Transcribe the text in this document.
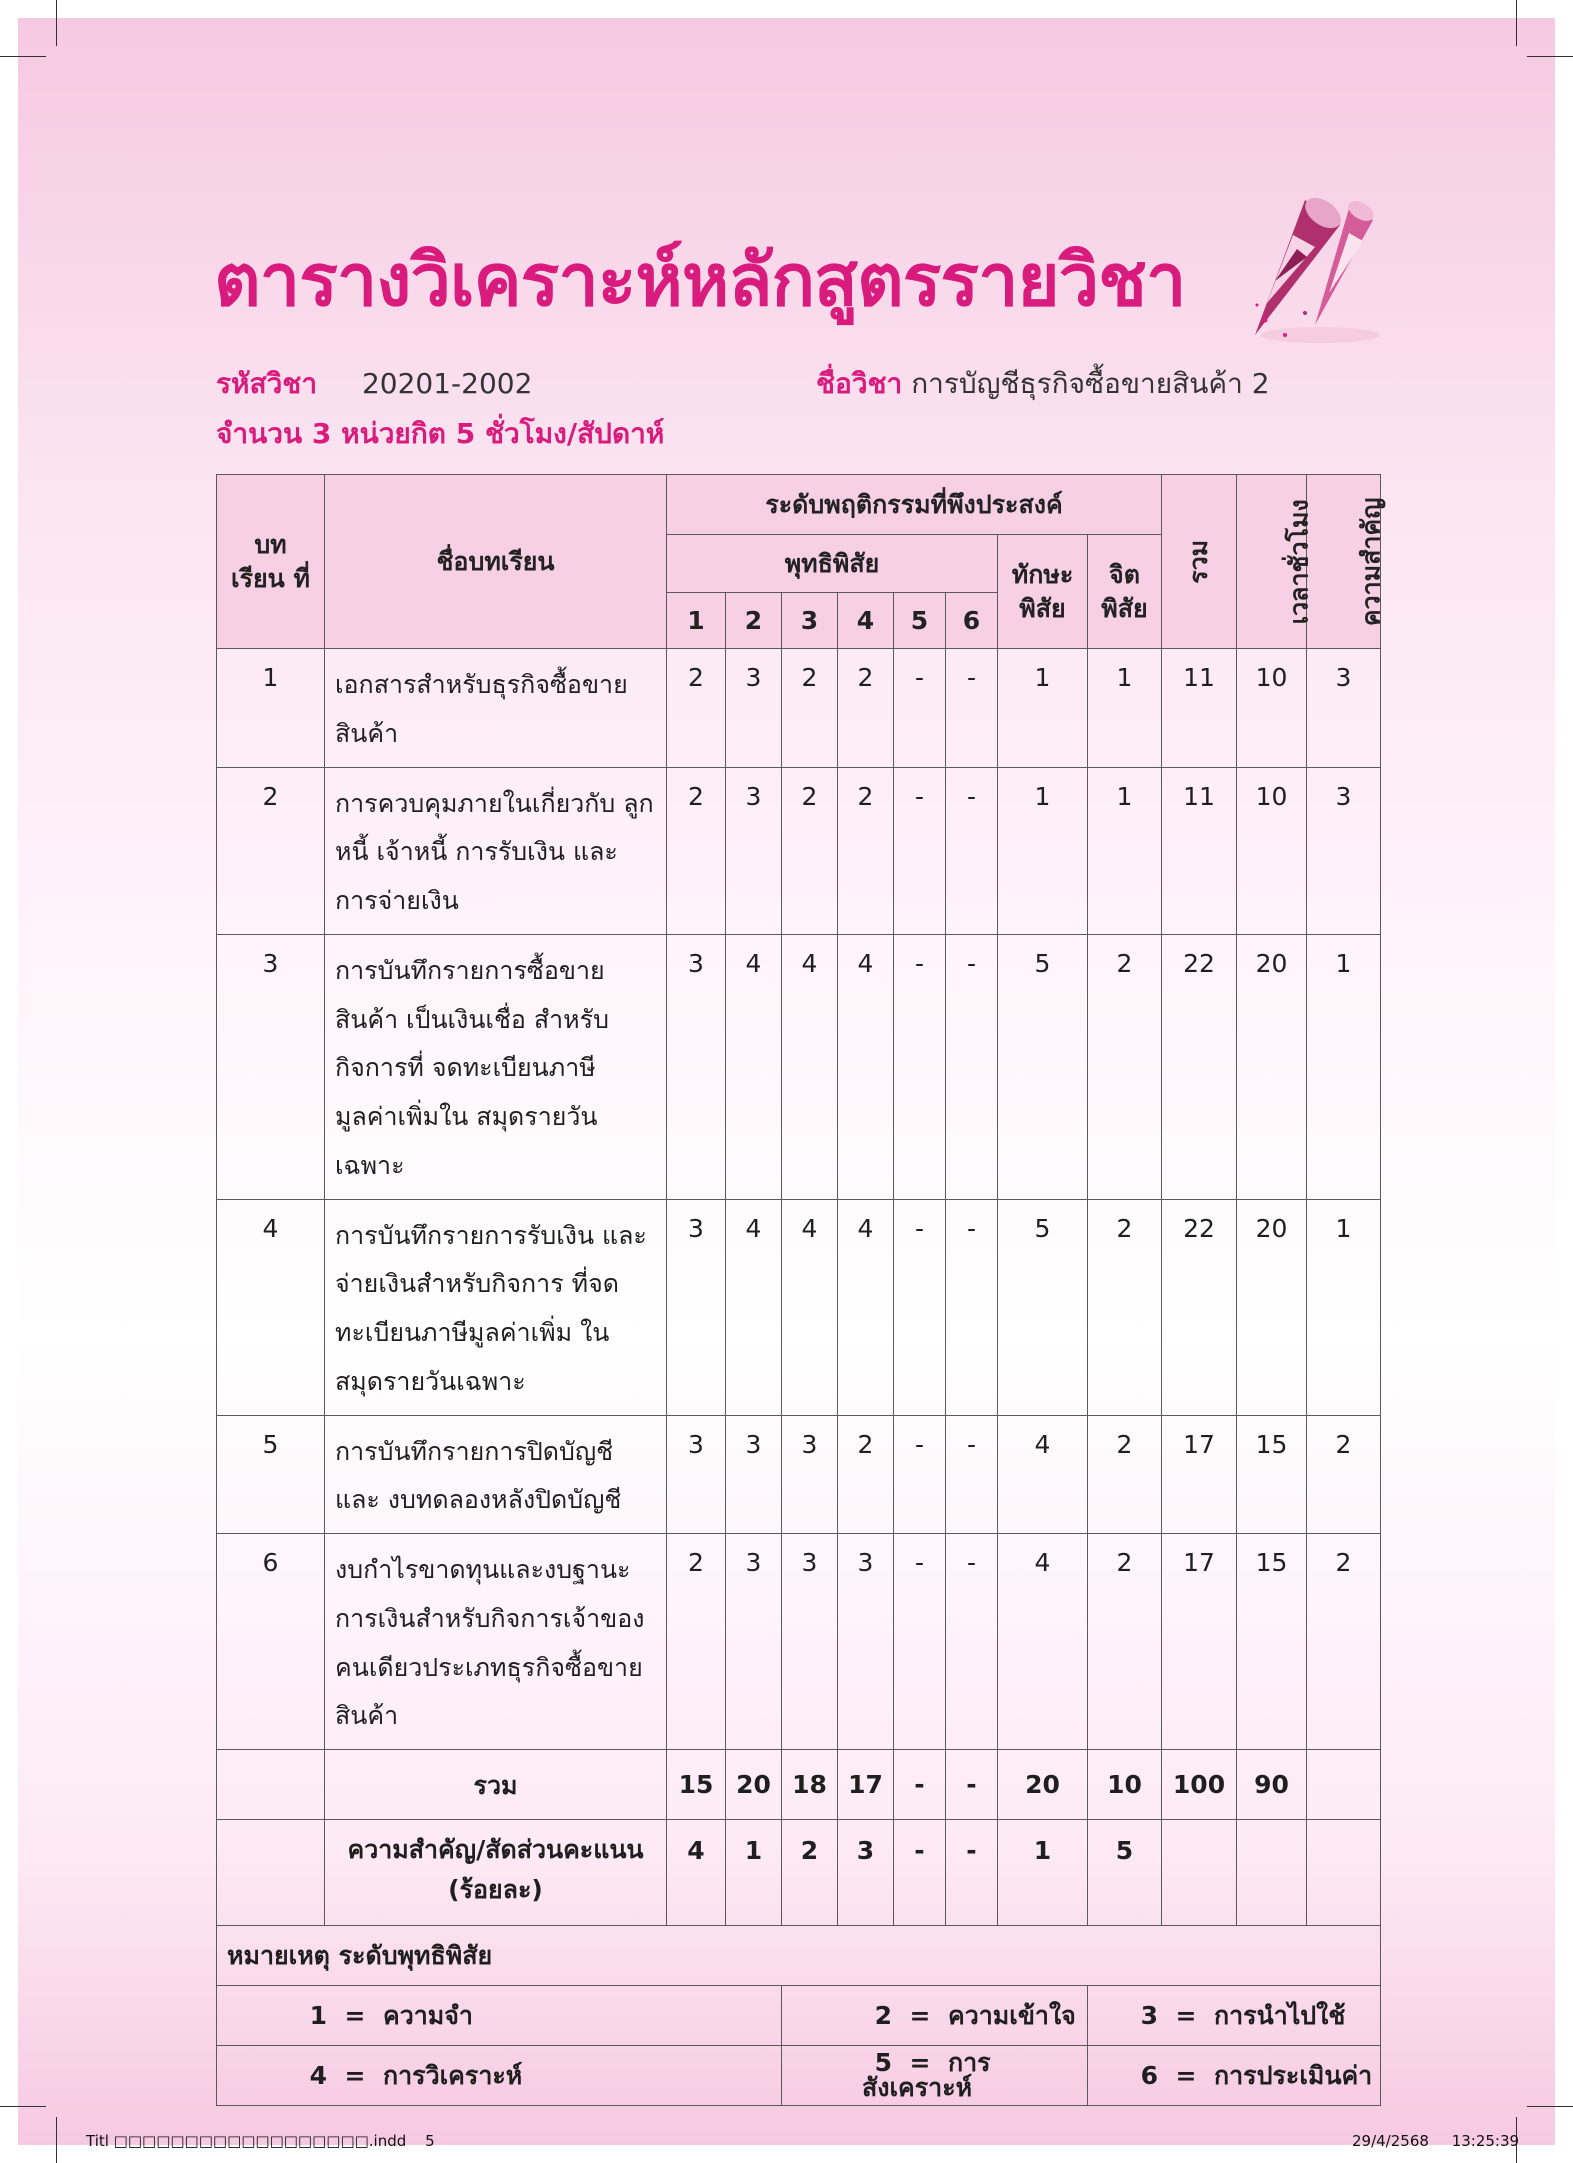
ตารางวิเคราะห์หลักสูตรรายวิชา
รหัสวิชา 20201-2002	ชื่อวิชา การบัญชีธุรกิจซื้อขายสินค้า 2
จำนวน 3 หน่วยกิต 5 ชั่วโมง/สัปดาห์
บทเรียน ที่	ชื่อบทเรียน	ระดับพฤติกรรมที่พึงประสงค์								รวม	เวลาชั่วโมง	ความสำคัญ
		พุทธิพิสัย						ทักษะ พิสัย	จิต พิสัย			
		1	2	3	4	5	6					
1	เอกสารสำหรับธุรกิจซื้อขาย สินค้า	2	3	2	2	-	-	1	1	11	10	3
2	การควบคุมภายในเกี่ยวกับ ลูกหนี้ เจ้าหนี้ การรับเงิน และ การจ่ายเงิน	2	3	2	2	-	-	1	1	11	10	3
3	การบันทึกรายการซื้อขายสินค้า เป็นเงินเชื่อ สำหรับกิจการที่ จดทะเบียนภาษีมูลค่าเพิ่มใน สมุดรายวันเฉพาะ	3	4	4	4	-	-	5	2	22	20	1
4	การบันทึกรายการรับเงิน และจ่ายเงินสำหรับกิจการ ที่จดทะเบียนภาษีมูลค่าเพิ่ม ในสมุดรายวันเฉพาะ	3	4	4	4	-	-	5	2	22	20	1
5	การบันทึกรายการปิดบัญชีและ งบทดลองหลังปิดบัญชี	3	3	3	2	-	-	4	2	17	15	2
6	งบกำไรขาดทุนและงบฐานะ การเงินสำหรับกิจการเจ้าของ คนเดียวประเภทธุรกิจซื้อขาย สินค้า	2	3	3	3	-	-	4	2	17	15	2
	รวม	15	20	18	17	-	-	20	10	100	90	
	ความสำคัญ/สัดส่วนคะแนน (ร้อยละ)	4	1	2	3	-	-	1	5			
หมายเหตุ ระดับพุทธิพิสัย												
1 = ความจำ				2 = ความเข้าใจ					3 = การนำไปใช้			
4 = การวิเคราะห์				5 = การสังเคราะห์					6 = การประเมินค่า			
Titl □□□□□□□□□□□□□□□□□□.indd 5	29/4/2568 13:25:39
